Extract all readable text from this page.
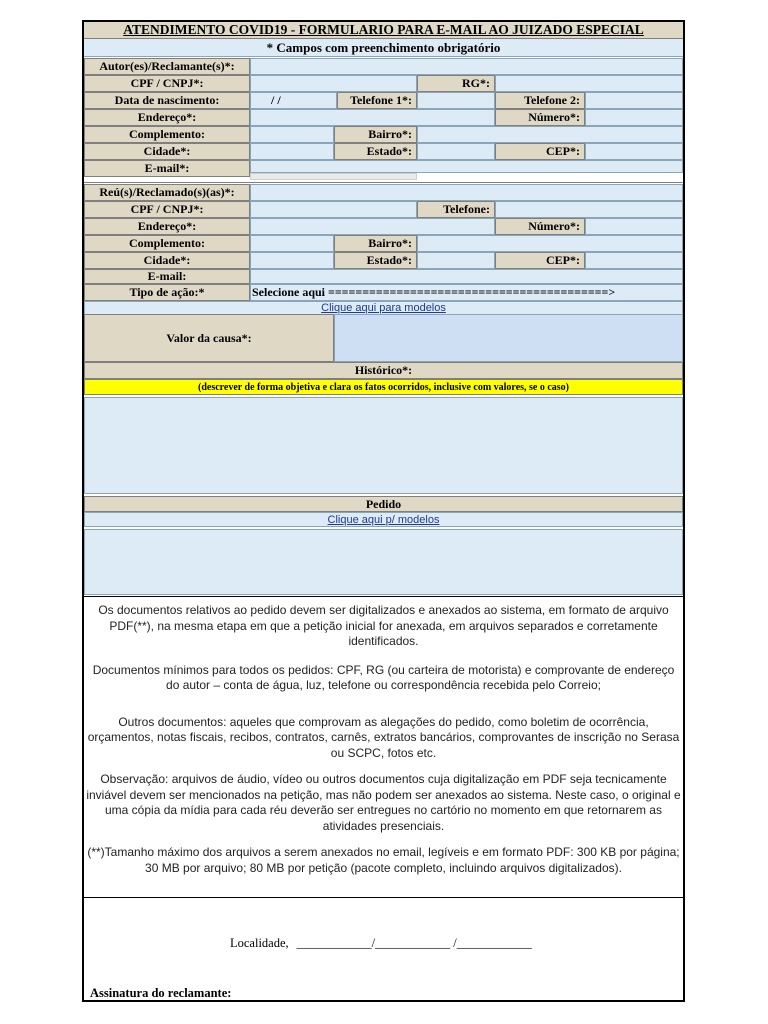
ATENDIMENTO COVID19 - FORMULARIO PARA E-MAIL AO JUIZADO ESPECIAL
* Campos com preenchimento obrigatório
Autor(es)/Reclamante(s)*:
CPF / CNPJ*:	RG*:
Data de nascimento:	/ /	Telefone 1*:	Telefone 2:
Endereço*:	Número*:
Complemento:	Bairro*:
Cidade*:	Estado*:	CEP*:
E-mail*:
Reú(s)/Reclamado(s)(as)*:
CPF / CNPJ*:	Telefone:
Endereço*:	Número*:
Complemento:	Bairro*:
Cidade*:	Estado*:	CEP*:
E-mail:
Tipo de ação:*	Selecione aqui =========================================>
Clique aqui para modelos
Valor da causa*:
Histórico*:
(descrever de forma objetiva e clara os fatos ocorridos, inclusive com valores, se o caso)
Pedido
Clique aqui p/ modelos

Os documentos relativos ao pedido devem ser digitalizados e anexados ao sistema, em formato de arquivo PDF(**), na mesma etapa em que a petição inicial for anexada, em arquivos separados e corretamente identificados.

Documentos mínimos para todos os pedidos: CPF, RG (ou carteira de motorista) e comprovante de endereço do autor – conta de água, luz, telefone ou correspondência recebida pelo Correio;

Outros documentos: aqueles que comprovam as alegações do pedido, como boletim de ocorrência, orçamentos, notas fiscais, recibos, contratos, carnês, extratos bancários, comprovantes de inscrição no Serasa ou SCPC, fotos etc.

Observação: arquivos de áudio, vídeo ou outros documentos cuja digitalização em PDF seja tecnicamente inviável devem ser mencionados na petição, mas não podem ser anexados ao sistema. Neste caso, o original e uma cópia da mídia para cada réu deverão ser entregues no cartório no momento em que retornarem as atividades presenciais.

(**)Tamanho máximo dos arquivos a serem anexados no email, legíveis e em formato PDF: 300 KB por página; 30 MB por arquivo; 80 MB por petição (pacote completo, incluindo arquivos digitalizados).

Localidade, ____________/____________ /____________
Assinatura do reclamante:
